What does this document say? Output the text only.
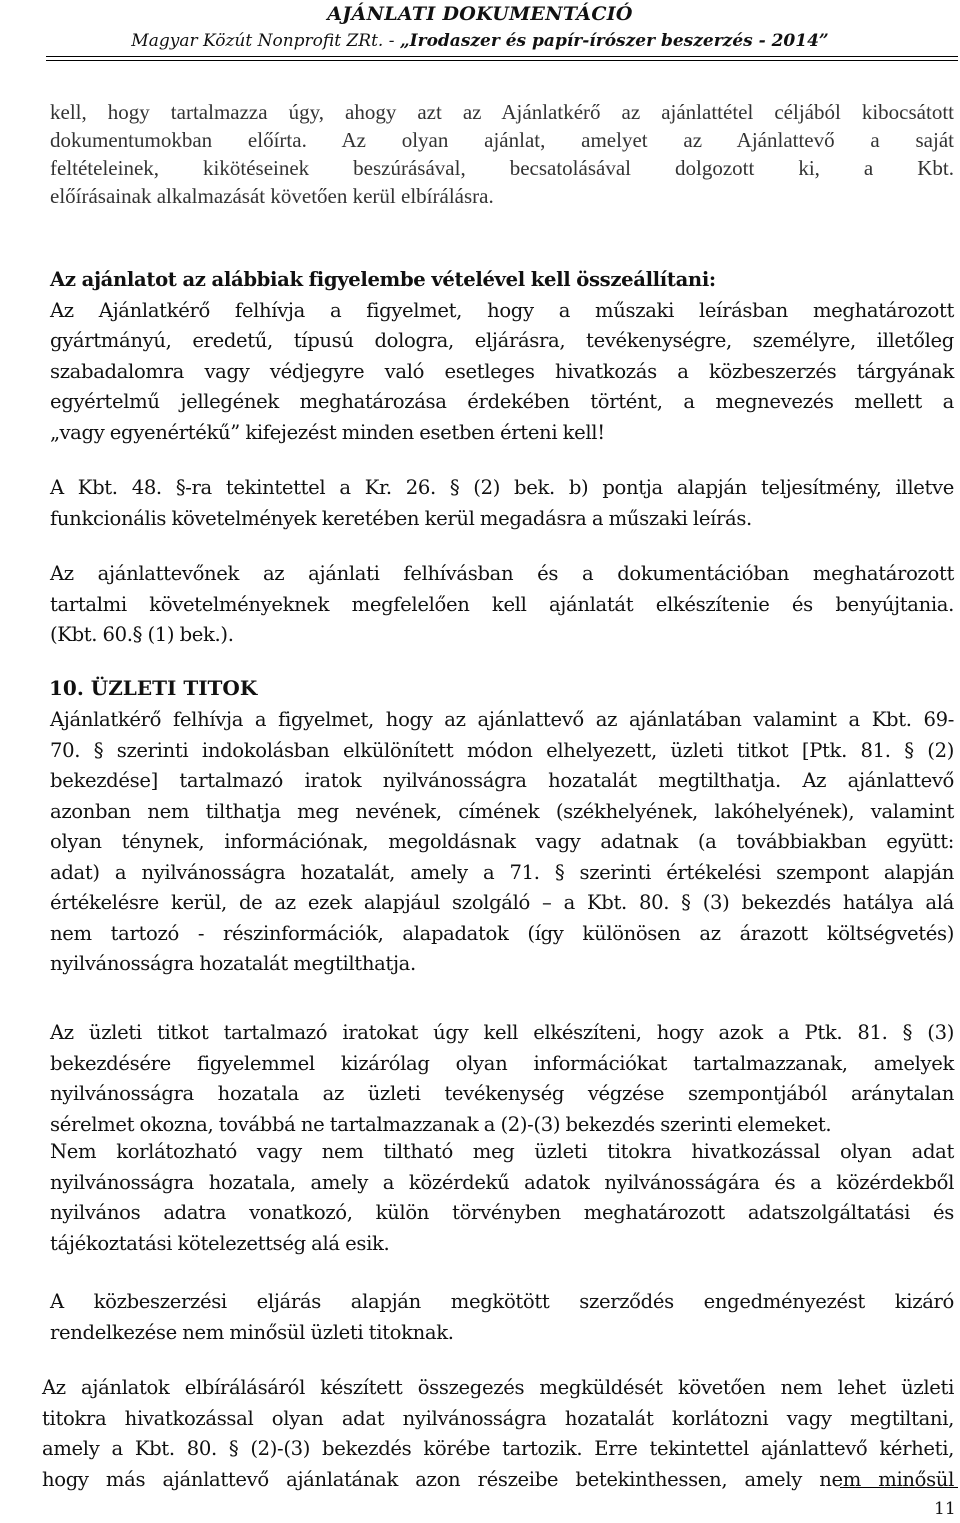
AJÁNLATI DOKUMENTÁCIÓ
Magyar Közút Nonprofit ZRt. - „Irodaszer és papír-írószer beszerzés - 2014”
kell, hogy tartalmazza úgy, ahogy azt az Ajánlatkérő az ajánlattétel céljából kibocsátott
dokumentumokban előírta. Az olyan ajánlat, amelyet az Ajánlattevő a saját
feltételeinek, kikötéseinek beszúrásával, becsatolásával dolgozott ki, a Kbt.
előírásainak alkalmazását követően kerül elbírálásra.
Az ajánlatot az alábbiak figyelembe vételével kell összeállítani:
Az Ajánlatkérő felhívja a figyelmet, hogy a műszaki leírásban meghatározott
gyártmányú, eredetű, típusú dologra, eljárásra, tevékenységre, személyre, illetőleg
szabadalomra vagy védjegyre való esetleges hivatkozás a közbeszerzés tárgyának
egyértelmű jellegének meghatározása érdekében történt, a megnevezés mellett a
„vagy egyenértékű” kifejezést minden esetben érteni kell!
A Kbt. 48. §-ra tekintettel a Kr. 26. § (2) bek. b) pontja alapján teljesítmény, illetve
funkcionális követelmények keretében kerül megadásra a műszaki leírás.
Az ajánlattevőnek az ajánlati felhívásban és a dokumentációban meghatározott
tartalmi követelményeknek megfelelően kell ajánlatát elkészítenie és benyújtania.
(Kbt. 60.§ (1) bek.).
10. ÜZLETI TITOK
Ajánlatkérő felhívja a figyelmet, hogy az ajánlattevő az ajánlatában valamint a Kbt. 69-
70. § szerinti indokolásban elkülönített módon elhelyezett, üzleti titkot [Ptk. 81. § (2)
bekezdése] tartalmazó iratok nyilvánosságra hozatalát megtilthatja. Az ajánlattevő
azonban nem tilthatja meg nevének, címének (székhelyének, lakóhelyének), valamint
olyan ténynek, információnak, megoldásnak vagy adatnak (a továbbiakban együtt:
adat) a nyilvánosságra hozatalát, amely a 71. § szerinti értékelési szempont alapján
értékelésre kerül, de az ezek alapjául szolgáló – a Kbt. 80. § (3) bekezdés hatálya alá
nem tartozó - részinformációk, alapadatok (így különösen az árazott költségvetés)
nyilvánosságra hozatalát megtilthatja.
Az üzleti titkot tartalmazó iratokat úgy kell elkészíteni, hogy azok a Ptk. 81. § (3)
bekezdésére figyelemmel kizárólag olyan információkat tartalmazzanak, amelyek
nyilvánosságra hozatala az üzleti tevékenység végzése szempontjából aránytalan
sérelmet okozna, továbbá ne tartalmazzanak a (2)-(3) bekezdés szerinti elemeket.
Nem korlátozható vagy nem tiltható meg üzleti titokra hivatkozással olyan adat
nyilvánosságra hozatala, amely a közérdekű adatok nyilvánosságára és a közérdekből
nyilvános adatra vonatkozó, külön törvényben meghatározott adatszolgáltatási és
tájékoztatási kötelezettség alá esik.
A közbeszerzési eljárás alapján megkötött szerződés engedményezést kizáró
rendelkezése nem minősül üzleti titoknak.
Az ajánlatok elbírálásáról készített összegezés megküldését követően nem lehet üzleti
titokra hivatkozással olyan adat nyilvánosságra hozatalát korlátozni vagy megtiltani,
amely a Kbt. 80. § (2)-(3) bekezdés körébe tartozik. Erre tekintettel ajánlattevő kérheti,
hogy más ajánlattevő ajánlatának azon részeibe betekinthessen, amely nem minősül
11
